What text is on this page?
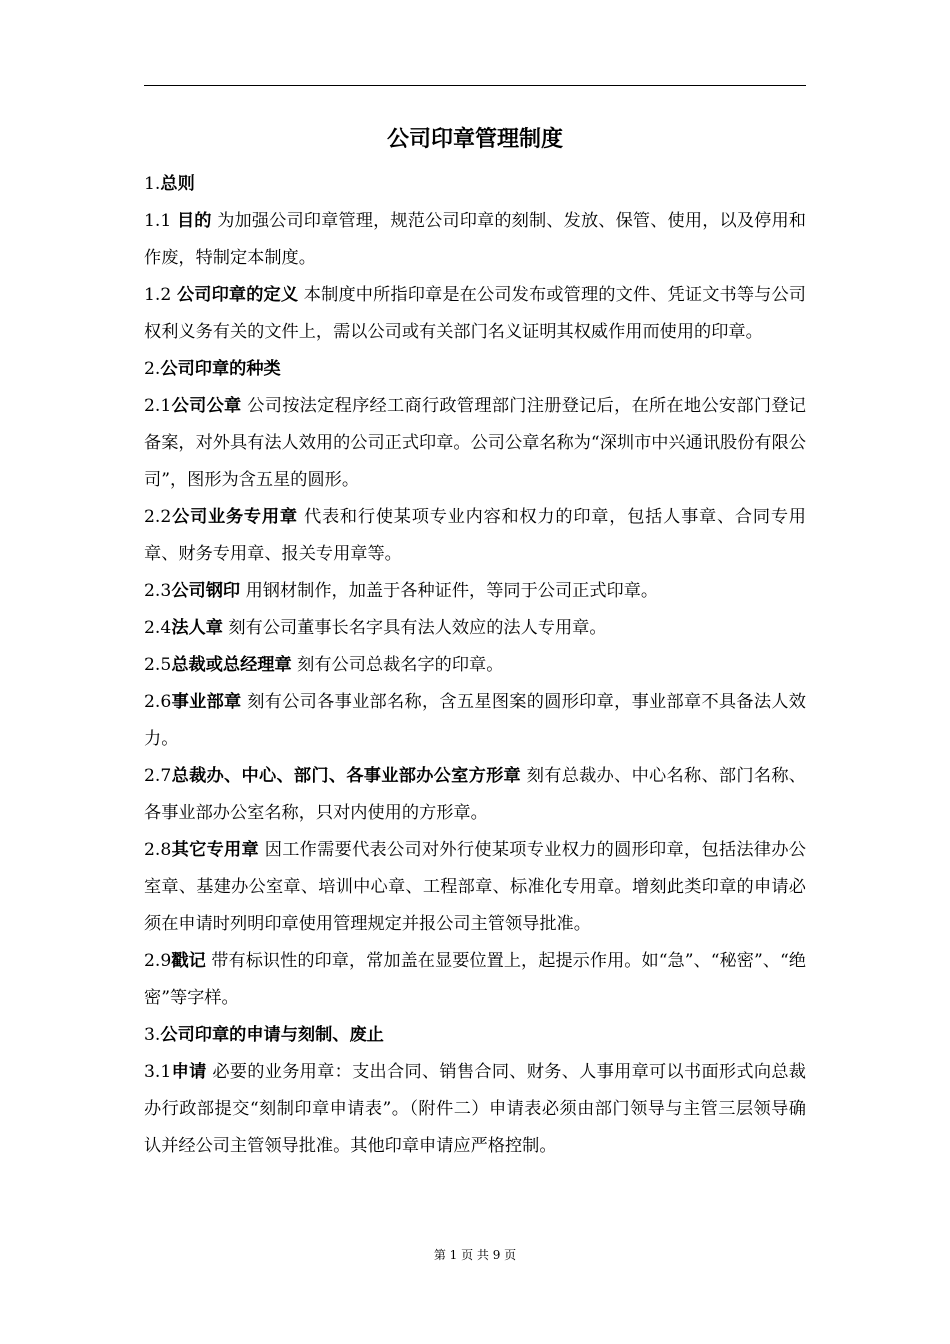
公司印章管理制度

1.总则

1.1 目的 为加强公司印章管理，规范公司印章的刻制、发放、保管、使用，以及停用和作废，特制定本制度。

1.2 公司印章的定义 本制度中所指印章是在公司发布或管理的文件、凭证文书等与公司权利义务有关的文件上，需以公司或有关部门名义证明其权威作用而使用的印章。

2.公司印章的种类

2.1公司公章 公司按法定程序经工商行政管理部门注册登记后，在所在地公安部门登记备案，对外具有法人效用的公司正式印章。公司公章名称为“深圳市中兴通讯股份有限公司”，图形为含五星的圆形。

2.2公司业务专用章 代表和行使某项专业内容和权力的印章，包括人事章、合同专用章、财务专用章、报关专用章等。

2.3公司钢印 用钢材制作，加盖于各种证件，等同于公司正式印章。

2.4法人章 刻有公司董事长名字具有法人效应的法人专用章。

2.5总裁或总经理章 刻有公司总裁名字的印章。

2.6事业部章 刻有公司各事业部名称，含五星图案的圆形印章，事业部章不具备法人效力。

2.7总裁办、中心、部门、各事业部办公室方形章 刻有总裁办、中心名称、部门名称、各事业部办公室名称，只对内使用的方形章。

2.8其它专用章 因工作需要代表公司对外行使某项专业权力的圆形印章，包括法律办公室章、基建办公室章、培训中心章、工程部章、标准化专用章。增刻此类印章的申请必须在申请时列明印章使用管理规定并报公司主管领导批准。

2.9戳记 带有标识性的印章，常加盖在显要位置上，起提示作用。如“急”、“秘密”、“绝密”等字样。

3.公司印章的申请与刻制、废止

3.1申请 必要的业务用章：支出合同、销售合同、财务、人事用章可以书面形式向总裁办行政部提交“刻制印章申请表”。（附件二）申请表必须由部门领导与主管三层领导确认并经公司主管领导批准。其他印章申请应严格控制。

第 1 页 共 9 页
